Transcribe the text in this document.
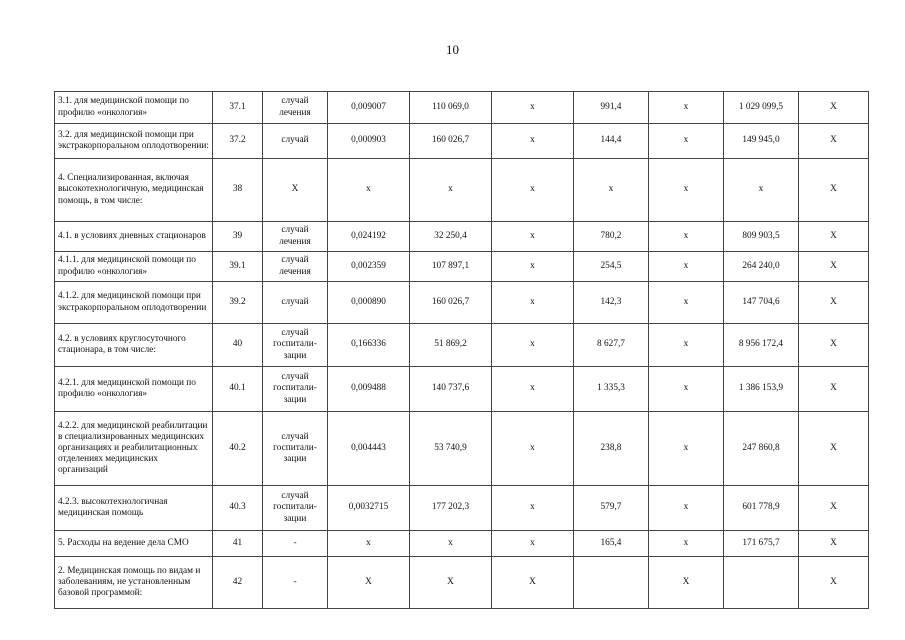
10
3.1. для медицинской помощи по профилю «онкология»	37.1	случай лечения	0,009007	110 069,0	x	991,4	x	1 029 099,5	X
3.2. для медицинской помощи при экстракорпоральном оплодотворении:	37.2	случай	0,000903	160 026,7	x	144,4	x	149 945,0	X
4. Специализированная, включая высокотехнологичную, медицинская помощь, в том числе:	38	X	x	x	x	x	x	x	X
4.1. в условиях дневных стационаров	39	случай лечения	0,024192	32 250,4	x	780,2	x	809 903,5	X
4.1.1. для медицинской помощи по профилю «онкология»	39.1	случай лечения	0,002359	107 897,1	x	254,5	x	264 240,0	X
4.1.2. для медицинской помощи при экстракорпоральном оплодотворении	39.2	случай	0,000890	160 026,7	x	142,3	x	147 704,6	X
4.2. в условиях круглосуточного стационара, в том числе:	40	случай госпитали-зации	0,166336	51 869,2	x	8 627,7	x	8 956 172,4	X
4.2.1. для медицинской помощи по профилю «онкология»	40.1	случай госпитали-зации	0,009488	140 737,6	x	1 335,3	x	1 386 153,9	X
4.2.2. для медицинской реабилитации в специализированных медицинских организациях и реабилитационных отделениях медицинских организаций	40.2	случай госпитали-зации	0,004443	53 740,9	x	238,8	x	247 860,8	X
4.2.3. высокотехнологичная медицинская помощь	40.3	случай госпитали-зации	0,0032715	177 202,3	x	579,7	x	601 778,9	X
5. Расходы на ведение дела СМО	41	-	x	x	x	165,4	x	171 675,7	X
2. Медицинская помощь по видам и заболеваниям, не установленным базовой программой:	42	-	X	X	X		X		X
